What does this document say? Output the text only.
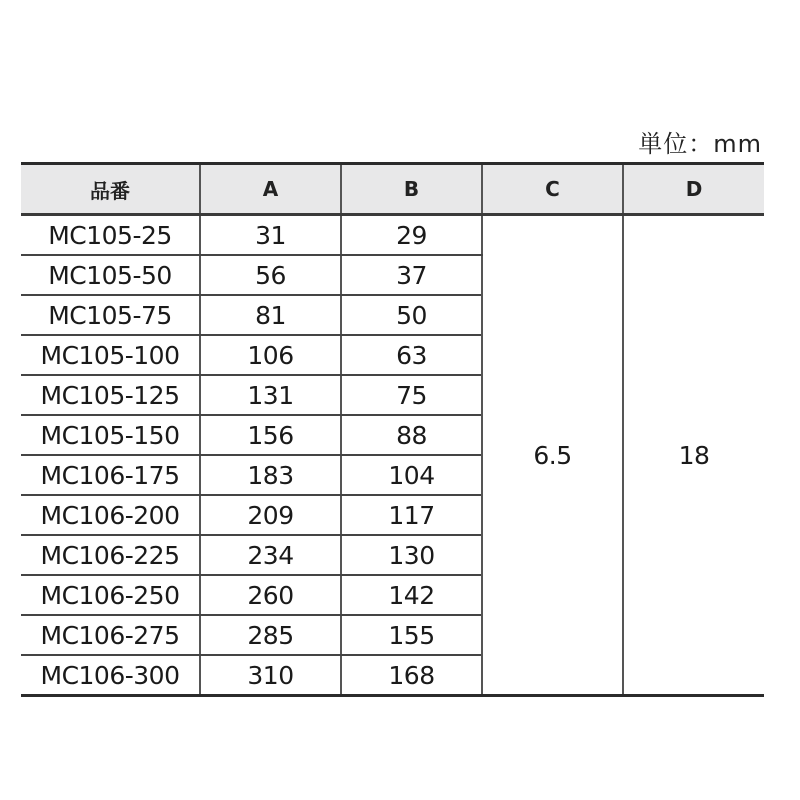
単位：mm
品番	A	B	C	D
MC105-25	31	29	6.5	18
MC105-50	56	37		
MC105-75	81	50		
MC105-100	106	63		
MC105-125	131	75		
MC105-150	156	88		
MC106-175	183	104		
MC106-200	209	117		
MC106-225	234	130		
MC106-250	260	142		
MC106-275	285	155		
MC106-300	310	168		
